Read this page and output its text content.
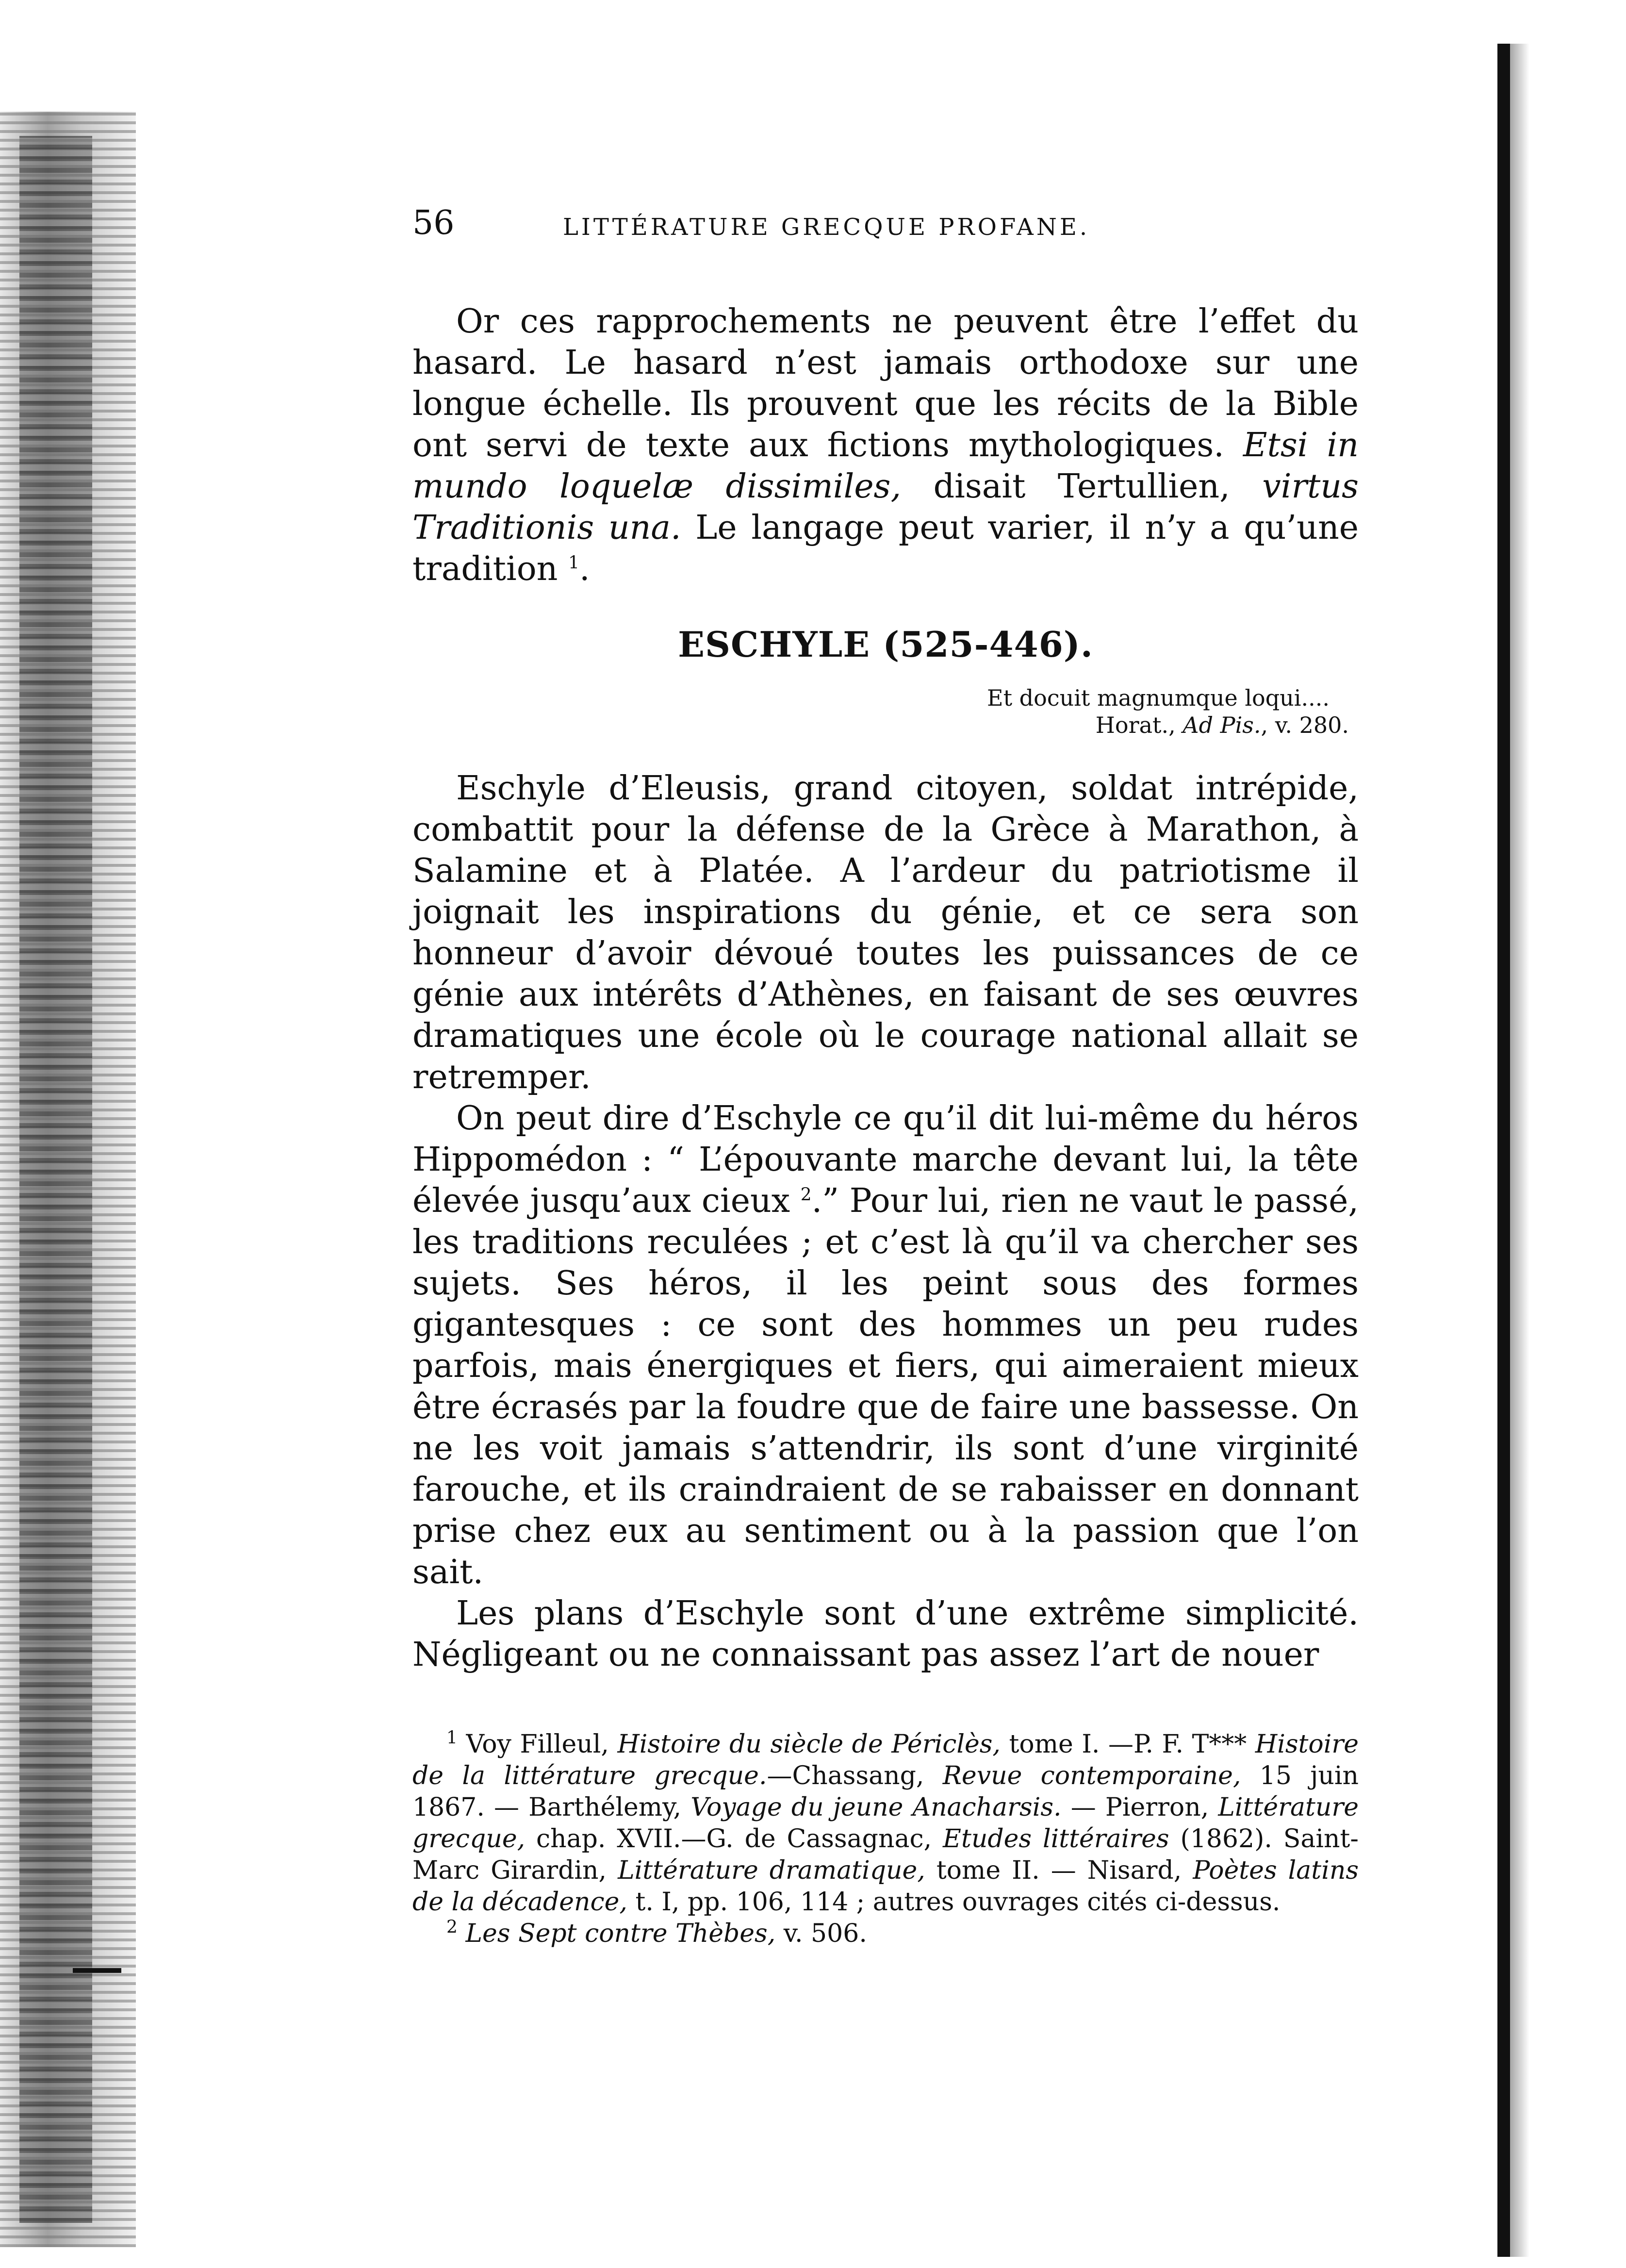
56	LITTÉRATURE GRECQUE PROFANE.

Or ces rapprochements ne peuvent être l’effet du hasard. Le hasard n’est jamais orthodoxe sur une longue échelle. Ils prouvent que les récits de la Bible ont servi de texte aux fictions mythologiques. Etsi in mundo loquelæ dissimiles, disait Tertullien, virtus Traditionis una. Le langage peut varier, il n’y a qu’une tradition $^1$.

ESCHYLE (525-446).
Et docuit magnumque loqui....
Horat., Ad Pis., v. 280.

Eschyle d’Eleusis, grand citoyen, soldat intrépide, combattit pour la défense de la Grèce à Marathon, à Salamine et à Platée. A l’ardeur du patriotisme il joignait les inspirations du génie, et ce sera son honneur d’avoir dévoué toutes les puissances de ce génie aux intérêts d’Athènes, en faisant de ses œuvres dramatiques une école où le courage national allait se retremper.

On peut dire d’Eschyle ce qu’il dit lui-même du héros Hippomédon : “ L’épouvante marche devant lui, la tête élevée jusqu’aux cieux $^2$.” Pour lui, rien ne vaut le passé, les traditions reculées ; et c’est là qu’il va chercher ses sujets. Ses héros, il les peint sous des formes gigantesques : ce sont des hommes un peu rudes parfois, mais énergiques et fiers, qui aimeraient mieux être écrasés par la foudre que de faire une bassesse. On ne les voit jamais s’attendrir, ils sont d’une virginité farouche, et ils craindraient de se rabaisser en donnant prise chez eux au sentiment ou à la passion que l’on sait.

Les plans d’Eschyle sont d’une extrême simplicité. Négligeant ou ne connaissant pas assez l’art de nouer

$^1$ Voy Filleul, Histoire du siècle de Périclès, tome I. —P. F. T*** Histoire de la littérature grecque.—Chassang, Revue contemporaine, 15 juin 1867. — Barthélemy, Voyage du jeune Anacharsis. — Pierron, Littérature grecque, chap. XVII.—G. de Cassagnac, Etudes littéraires (1862). Saint-Marc Girardin, Littérature dramatique, tome II. — Nisard, Poètes latins de la décadence, t. I, pp. 106, 114 ; autres ouvrages cités ci-dessus.

$^2$ Les Sept contre Thèbes, v. 506.
